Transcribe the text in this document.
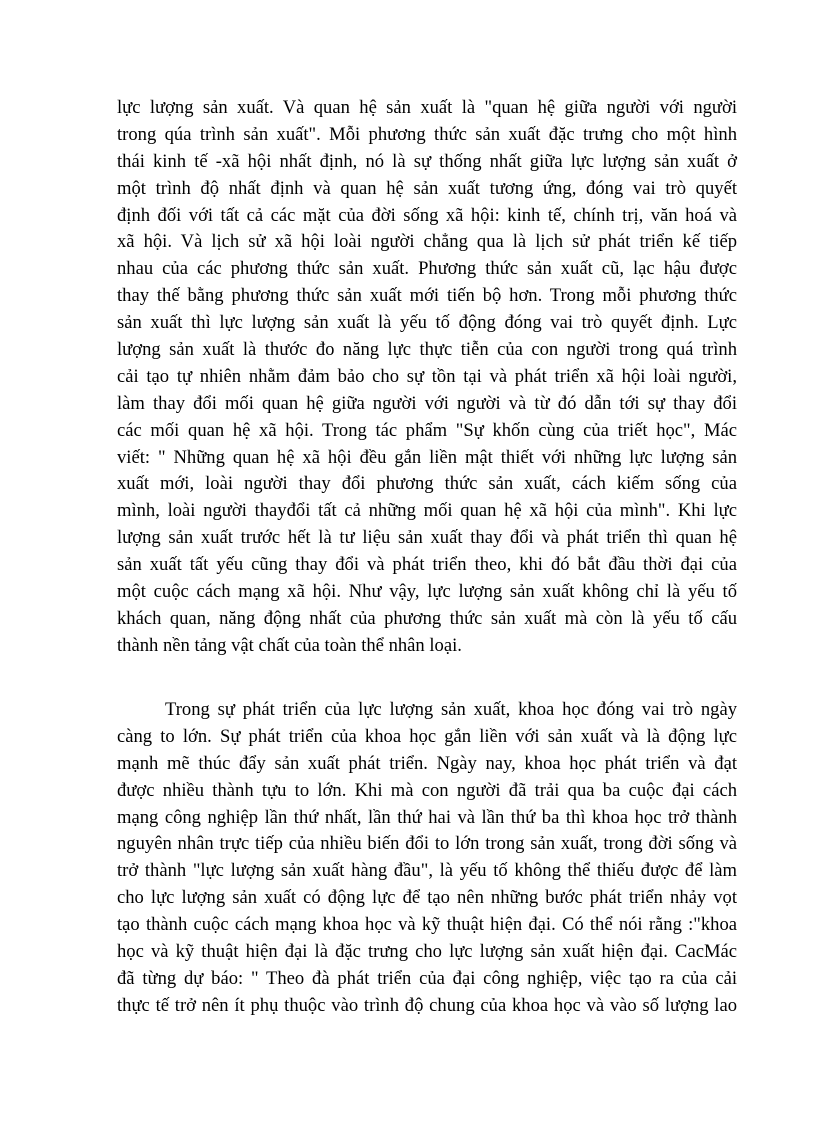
lực lượng sản xuất. Và quan hệ sản xuất là "quan hệ giữa người với người
trong qúa trình sản xuất". Mỗi phương thức sản xuất đặc trưng cho một hình
thái kinh tế -xã hội nhất định, nó là sự thống nhất giữa lực lượng sản xuất ở
một trình độ nhất định và quan hệ sản xuất tương ứng, đóng vai trò quyết
định đối với tất cả các mặt của đời sống xã hội: kinh tế, chính trị, văn hoá và
xã hội. Và lịch sử xã hội loài người chẳng qua là lịch sử phát triển kế tiếp
nhau của các phương thức sản xuất. Phương thức sản xuất cũ, lạc hậu được
thay thế bằng phương thức sản xuất mới tiến bộ hơn. Trong mỗi phương thức
sản xuất thì lực lượng sản xuất là yếu tố động đóng vai trò quyết định. Lực
lượng sản xuất là thước đo năng lực thực tiễn của con người trong quá trình
cải tạo tự nhiên nhằm đảm bảo cho sự tồn tại và phát triển xã hội loài người,
làm thay đổi mối quan hệ giữa người với người và từ đó dẫn tới sự thay đổi
các mối quan hệ xã hội. Trong tác phẩm "Sự khốn cùng của triết học", Mác
viết: " Những quan hệ xã hội đều gắn liền mật thiết với những lực lượng sản
xuất mới, loài người thay đổi phương thức sản xuất, cách kiếm sống của
mình, loài người thayđổi tất cả những mối quan hệ xã hội của mình". Khi lực
lượng sản xuất trước hết là tư liệu sản xuất thay đổi và phát triển thì quan hệ
sản xuất tất yếu cũng thay đổi và phát triển theo, khi đó bắt đầu thời đại của
một cuộc cách mạng xã hội. Như vậy, lực lượng sản xuất không chỉ là yếu tố
khách quan, năng động nhất của phương thức sản xuất mà còn là yếu tố cấu
thành nền tảng vật chất của toàn thể nhân loại.
Trong sự phát triển của lực lượng sản xuất, khoa học đóng vai trò ngày
càng to lớn. Sự phát triển của khoa học gắn liền với sản xuất và là động lực
mạnh mẽ thúc đẩy sản xuất phát triển. Ngày nay, khoa học phát triển và đạt
được nhiều thành tựu to lớn. Khi mà con người đã trải qua ba cuộc đại cách
mạng công nghiệp lần thứ nhất, lần thứ hai và lần thứ ba thì khoa học trở thành
nguyên nhân trực tiếp của nhiều biến đổi to lớn trong sản xuất, trong đời sống và
trở thành "lực lượng sản xuất hàng đầu", là yếu tố không thể thiếu được để làm
cho lực lượng sản xuất có động lực để tạo nên những bước phát triển nhảy vọt
tạo thành cuộc cách mạng khoa học và kỹ thuật hiện đại. Có thể nói rằng :"khoa
học và kỹ thuật hiện đại là đặc trưng cho lực lượng sản xuất hiện đại. CacMác
đã từng dự báo: " Theo đà phát triển của đại công nghiệp, việc tạo ra của cải
thực tế trở nên ít phụ thuộc vào trình độ chung của khoa học và vào số lượng lao
